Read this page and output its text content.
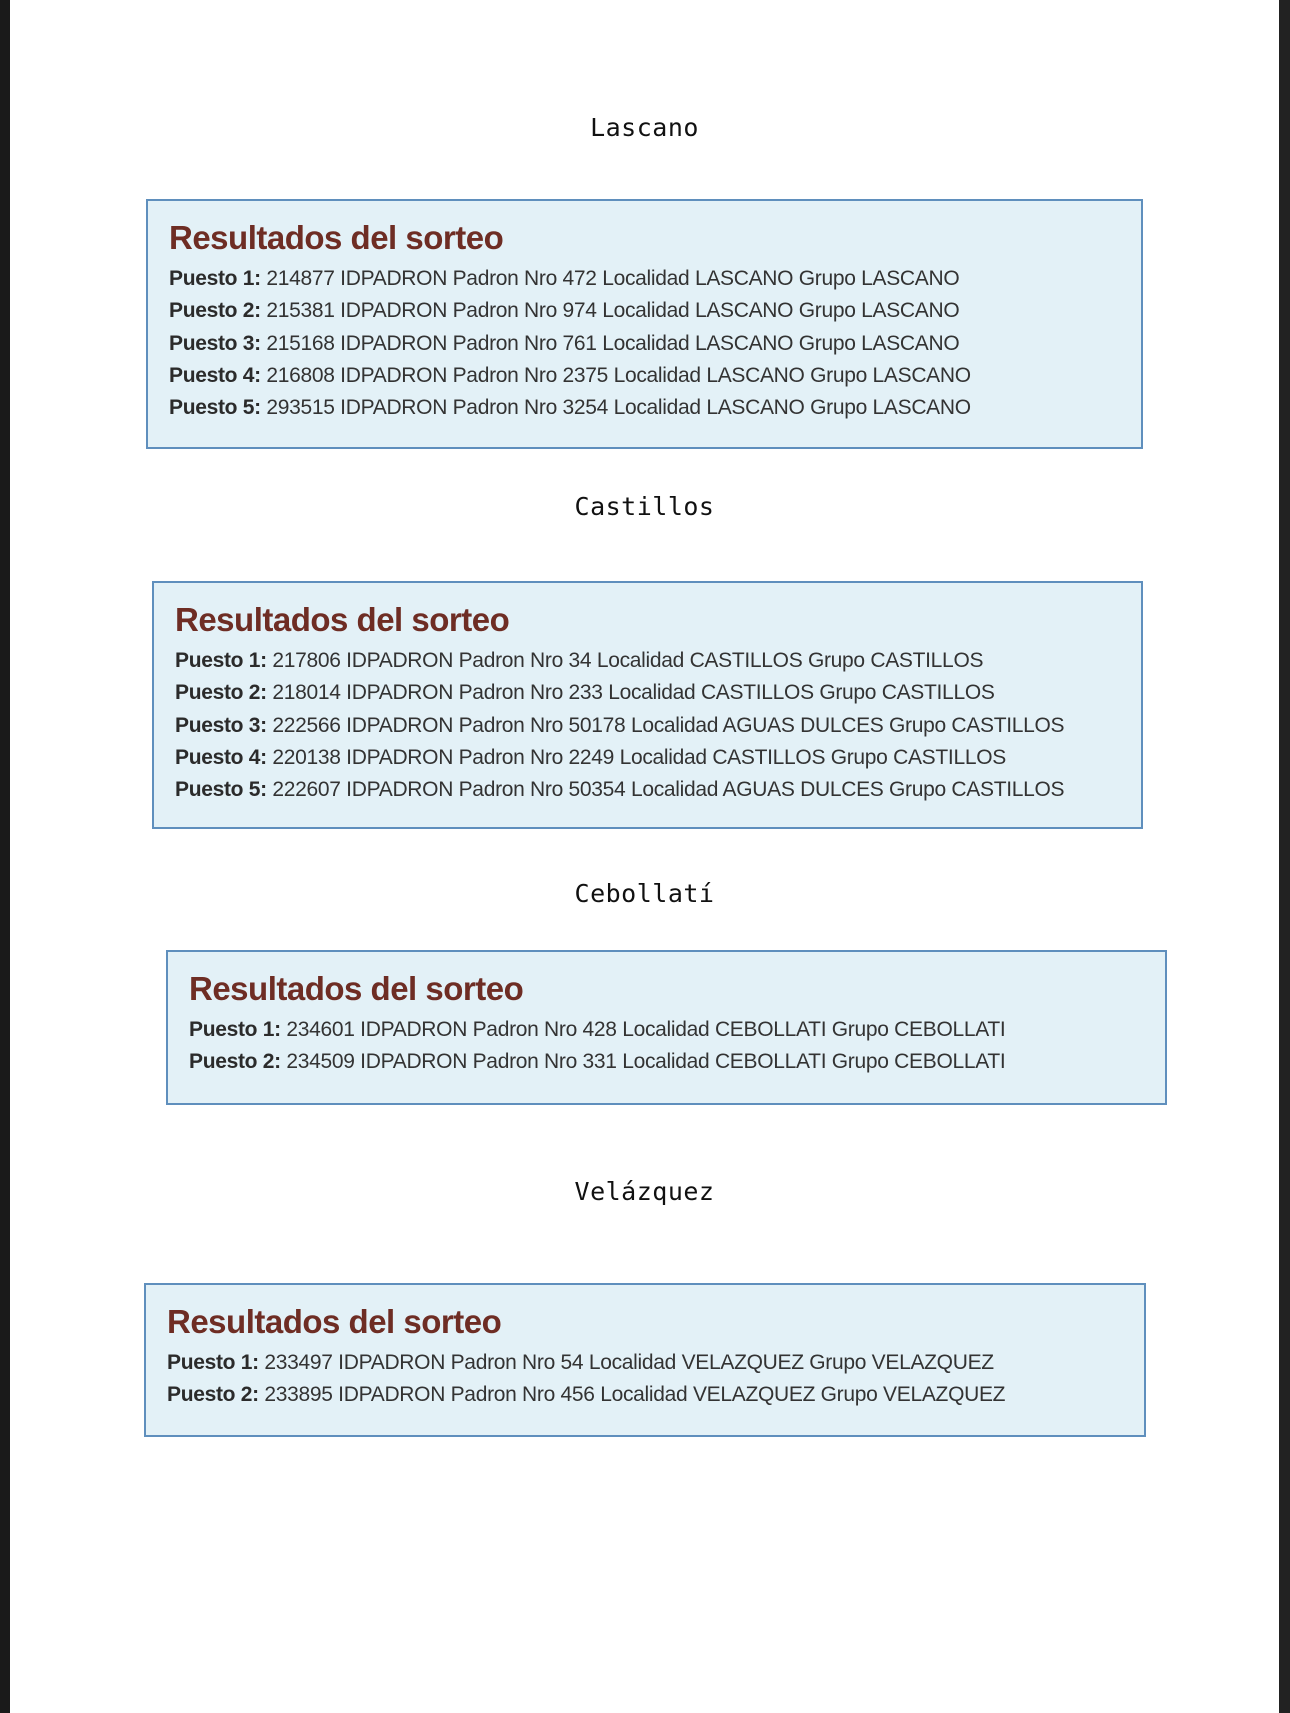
Lascano
Resultados del sorteo
Puesto 1: 214877 IDPADRON Padron Nro 472 Localidad LASCANO Grupo LASCANO
Puesto 2: 215381 IDPADRON Padron Nro 974 Localidad LASCANO Grupo LASCANO
Puesto 3: 215168 IDPADRON Padron Nro 761 Localidad LASCANO Grupo LASCANO
Puesto 4: 216808 IDPADRON Padron Nro 2375 Localidad LASCANO Grupo LASCANO
Puesto 5: 293515 IDPADRON Padron Nro 3254 Localidad LASCANO Grupo LASCANO
Castillos
Resultados del sorteo
Puesto 1: 217806 IDPADRON Padron Nro 34 Localidad CASTILLOS Grupo CASTILLOS
Puesto 2: 218014 IDPADRON Padron Nro 233 Localidad CASTILLOS Grupo CASTILLOS
Puesto 3: 222566 IDPADRON Padron Nro 50178 Localidad AGUAS DULCES Grupo CASTILLOS
Puesto 4: 220138 IDPADRON Padron Nro 2249 Localidad CASTILLOS Grupo CASTILLOS
Puesto 5: 222607 IDPADRON Padron Nro 50354 Localidad AGUAS DULCES Grupo CASTILLOS
Cebollatí
Resultados del sorteo
Puesto 1: 234601 IDPADRON Padron Nro 428 Localidad CEBOLLATI Grupo CEBOLLATI
Puesto 2: 234509 IDPADRON Padron Nro 331 Localidad CEBOLLATI Grupo CEBOLLATI
Velázquez
Resultados del sorteo
Puesto 1: 233497 IDPADRON Padron Nro 54 Localidad VELAZQUEZ Grupo VELAZQUEZ
Puesto 2: 233895 IDPADRON Padron Nro 456 Localidad VELAZQUEZ Grupo VELAZQUEZ
